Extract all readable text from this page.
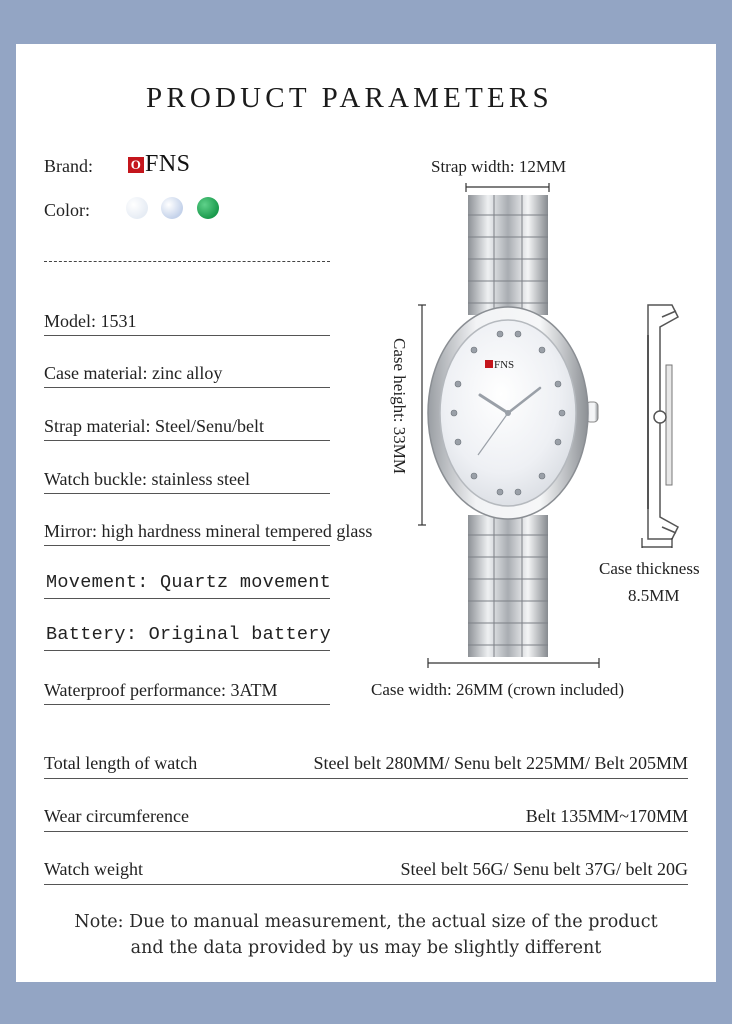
PRODUCT PARAMETERS
Brand:	O FNS
Color:
Model: 1531
Case material: zinc alloy
Strap material: Steel/Senu/belt
Watch buckle: stainless steel
Mirror: high hardness mineral tempered glass
Movement: Quartz movement
Battery: Original battery
Waterproof performance: 3ATM
Strap width: 12MM
Case height: 33MM
Case width: 26MM (crown included)
Case thickness
8.5MM
FNS
Total length of watch	Steel belt 280MM/ Senu belt 225MM/ Belt 205MM
Wear circumference	Belt 135MM~170MM
Watch weight	Steel belt 56G/ Senu belt 37G/ belt 20G
Note: Due to manual measurement, the actual size of the product
and the data provided by us may be slightly different
